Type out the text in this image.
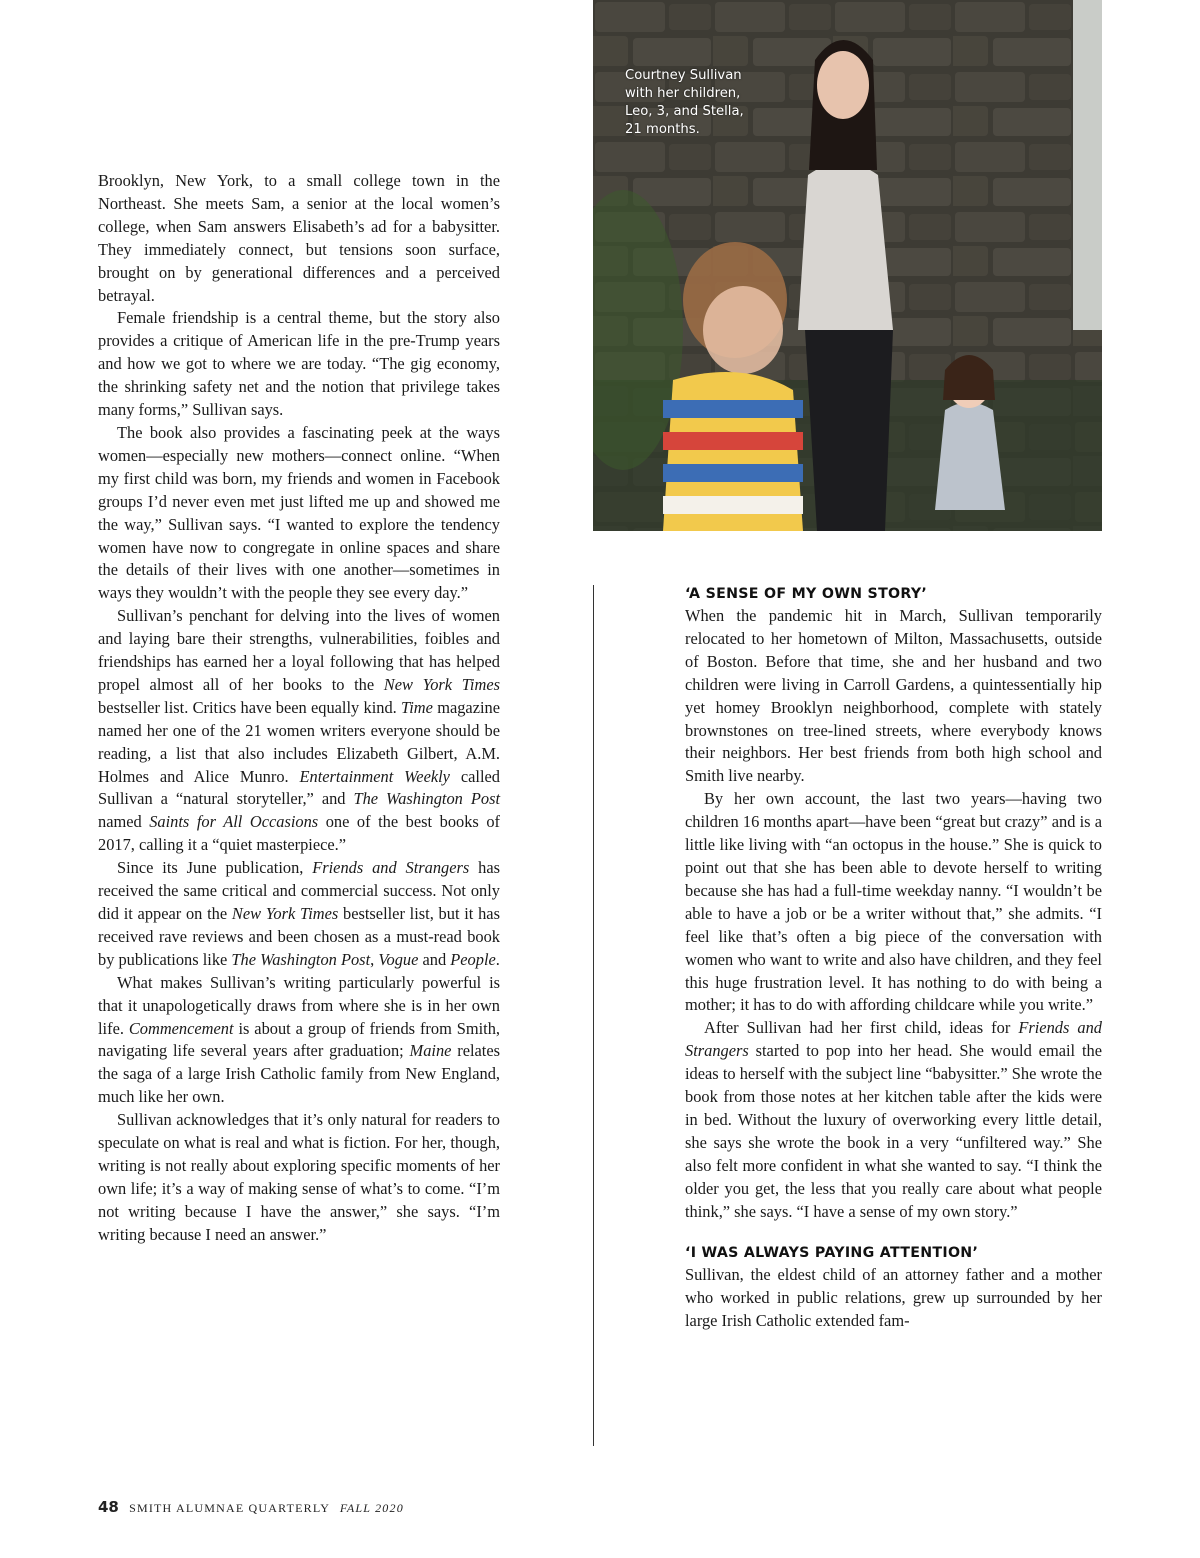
Courtney Sullivan with her children, Leo, 3, and Stella, 21 months.

Brooklyn, New York, to a small college town in the Northeast. She meets Sam, a senior at the local women’s college, when Sam answers Elisabeth’s ad for a babysitter. They immediately connect, but tensions soon surface, brought on by generational differences and a perceived betrayal.

Female friendship is a central theme, but the story also provides a critique of American life in the pre-Trump years and how we got to where we are today. “The gig economy, the shrinking safety net and the notion that privilege takes many forms,” Sullivan says.

The book also provides a fascinating peek at the ways women—especially new mothers—connect online. “When my first child was born, my friends and women in Facebook groups I’d never even met just lifted me up and showed me the way,” Sullivan says. “I wanted to explore the tendency women have now to congregate in online spaces and share the details of their lives with one another—sometimes in ways they wouldn’t with the people they see every day.”

Sullivan’s penchant for delving into the lives of women and laying bare their strengths, vulnerabilities, foibles and friendships has earned her a loyal following that has helped propel almost all of her books to the New York Times bestseller list. Critics have been equally kind. Time magazine named her one of the 21 women writers everyone should be reading, a list that also includes Elizabeth Gilbert, A.M. Holmes and Alice Munro. Entertainment Weekly called Sullivan a “natural storyteller,” and The Washington Post named Saints for All Occasions one of the best books of 2017, calling it a “quiet masterpiece.”

Since its June publication, Friends and Strangers has received the same critical and commercial success. Not only did it appear on the New York Times bestseller list, but it has received rave reviews and been chosen as a must-read book by publications like The Washington Post, Vogue and People.

What makes Sullivan’s writing particularly powerful is that it unapologetically draws from where she is in her own life. Commencement is about a group of friends from Smith, navigating life several years after graduation; Maine relates the saga of a large Irish Catholic family from New England, much like her own.

Sullivan acknowledges that it’s only natural for readers to speculate on what is real and what is fiction. For her, though, writing is not really about exploring specific moments of her own life; it’s a way of making sense of what’s to come. “I’m not writing because I have the answer,” she says. “I’m writing because I need an answer.”

‘A SENSE OF MY OWN STORY’

When the pandemic hit in March, Sullivan temporarily relocated to her hometown of Milton, Massachusetts, outside of Boston. Before that time, she and her husband and two children were living in Carroll Gardens, a quintessentially hip yet homey Brooklyn neighborhood, complete with stately brownstones on tree-lined streets, where everybody knows their neighbors. Her best friends from both high school and Smith live nearby.

By her own account, the last two years—having two children 16 months apart—have been “great but crazy” and is a little like living with “an octopus in the house.” She is quick to point out that she has been able to devote herself to writing because she has had a full-time weekday nanny. “I wouldn’t be able to have a job or be a writer without that,” she admits. “I feel like that’s often a big piece of the conversation with women who want to write and also have children, and they feel this huge frustration level. It has nothing to do with being a mother; it has to do with affording childcare while you write.”

After Sullivan had her first child, ideas for Friends and Strangers started to pop into her head. She would email the ideas to herself with the subject line “babysitter.” She wrote the book from those notes at her kitchen table after the kids were in bed. Without the luxury of overworking every little detail, she says she wrote the book in a very “unfiltered way.” She also felt more confident in what she wanted to say. “I think the older you get, the less that you really care about what people think,” she says. “I have a sense of my own story.”

‘I WAS ALWAYS PAYING ATTENTION’

Sullivan, the eldest child of an attorney father and a mother who worked in public relations, grew up surrounded by her large Irish Catholic extended fam-

48 SMITH ALUMNAE QUARTERLY FALL 2020
